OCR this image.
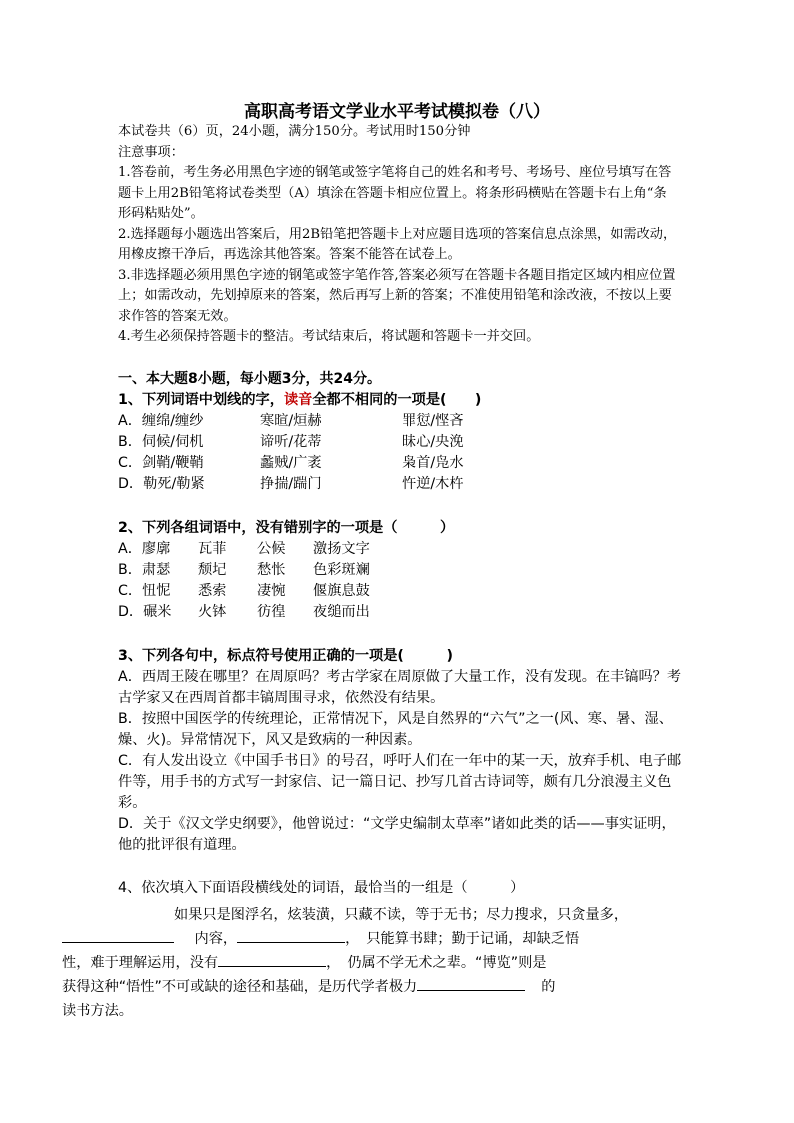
高职高考语文学业水平考试模拟卷（八）

本试卷共（6）页，24小题，满分150分。考试用时150分钟

注意事项：

1.答卷前，考生务必用黑色字迹的钢笔或签字笔将自己的姓名和考号、考场号、座位号填写在答题卡上用2B铅笔将试卷类型（A）填涂在答题卡相应位置上。将条形码横贴在答题卡右上角“条形码粘贴处”。

2.选择题每小题选出答案后，用2B铅笔把答题卡上对应题目选项的答案信息点涂黑，如需改动，用橡皮擦干净后，再选涂其他答案。答案不能答在试卷上。

3.非选择题必须用黑色字迹的钢笔或签字笔作答,答案必须写在答题卡各题目指定区域内相应位置上；如需改动，先划掉原来的答案，然后再写上新的答案；不准使用铅笔和涂改液，不按以上要求作答的答案无效。

4.考生必须保持答题卡的整洁。考试结束后，将试题和答题卡一并交回。

一、本大题8小题，每小题3分，共24分。
1、下列词语中划线的字，读音全都不相同的一项是(　　)
A．缠绵/缠纱	寒暄/烜赫	罪愆/悭吝
B．伺候/伺机	谛听/花蒂	昧心/央浼
C．剑鞘/鞭鞘	蠡贼/广袤	枭首/凫水
D．勒死/勒紧	挣揣/踹门	忤逆/木杵
2、下列各组词语中，没有错别字的一项是（　　　）
A．廖廓	瓦菲	公候	激扬文字
B．肃瑟	颓圮	愁怅	色彩斑斓
C．忸怩	悉索	凄惋	偃旗息鼓
D．碾米	火钵	彷徨	夜缒而出
3、下列各句中，标点符号使用正确的一项是(　　　)

A．西周王陵在哪里？在周原吗？考古学家在周原做了大量工作，没有发现。在丰镐吗？考古学家又在西周首都丰镐周围寻求，依然没有结果。

B．按照中国医学的传统理论，正常情况下，风是自然界的“六气”之一(风、寒、暑、湿、燥、火)。异常情况下，风又是致病的一种因素。

C．有人发出设立《中国手书日》的号召，呼吁人们在一年中的某一天，放弃手机、电子邮件等，用手书的方式写一封家信、记一篇日记、抄写几首古诗词等，颇有几分浪漫主义色彩。

D．关于《汉文学史纲要》，他曾说过：“文学史编制太草率”诸如此类的话——事实证明，他的批评很有道理。

4、依次填入下面语段横线处的词语，最恰当的一组是（　　　）
如果只是图浮名，炫装潢，只藏不读，等于无书；尽力搜求，只贪量多，
内容，	，　只能算书肆；勤于记诵，却缺乏悟
性，难于理解运用，没有	，　仍属不学无术之辈。“博览”则是
获得这种“悟性”不可或缺的途径和基础，是历代学者极力	的
读书方法。
